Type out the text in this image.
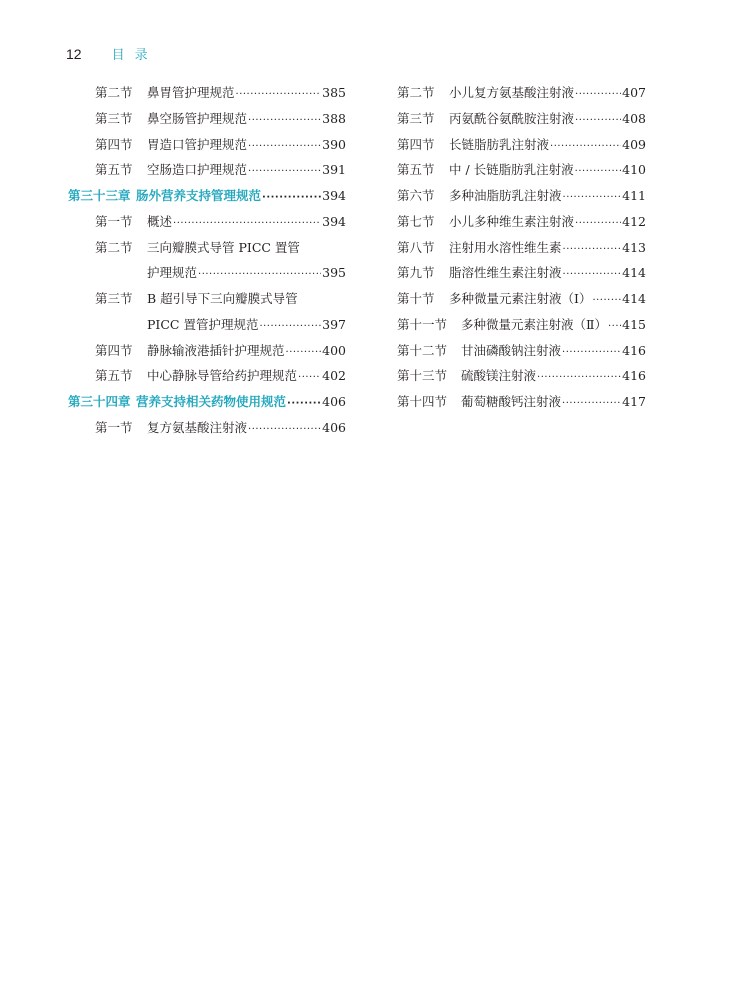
12 目录
第二节	鼻胃管护理规范 ·····	385
第三节	鼻空肠管护理规范 ·····	388
第四节	胃造口管护理规范 ·····	390
第五节	空肠造口护理规范 ·····	391
第三十三章 肠外营养支持管理规范 ·····	394
第一节	概述 ·····	394
第二节	三向瓣膜式导管 PICC 置管
护理规范 ·····	395
第三节	B 超引导下三向瓣膜式导管
PICC 置管护理规范 ·····	397
第四节	静脉输液港插针护理规范 ·····	400
第五节	中心静脉导管给药护理规范 ····· 402
第三十四章 营养支持相关药物使用规范 ·····	406
第一节	复方氨基酸注射液 ·····	406
第二节	小儿复方氨基酸注射液 ·····	407
第三节	丙氨酰谷氨酰胺注射液 ·····	408
第四节	长链脂肪乳注射液 ·····	409
第五节	中 / 长链脂肪乳注射液 ·····	410
第六节	多种油脂肪乳注射液 ·····	411
第七节	小儿多种维生素注射液 ·····	412
第八节	注射用水溶性维生素 ·····	413
第九节	脂溶性维生素注射液 ·····	414
第十节	多种微量元素注射液（Ⅰ） ····· 414
第十一节	多种微量元素注射液（Ⅱ） ····· 415
第十二节	甘油磷酸钠注射液 ·····	416
第十三节	硫酸镁注射液 ·····	416
第十四节	葡萄糖酸钙注射液 ·····	417
